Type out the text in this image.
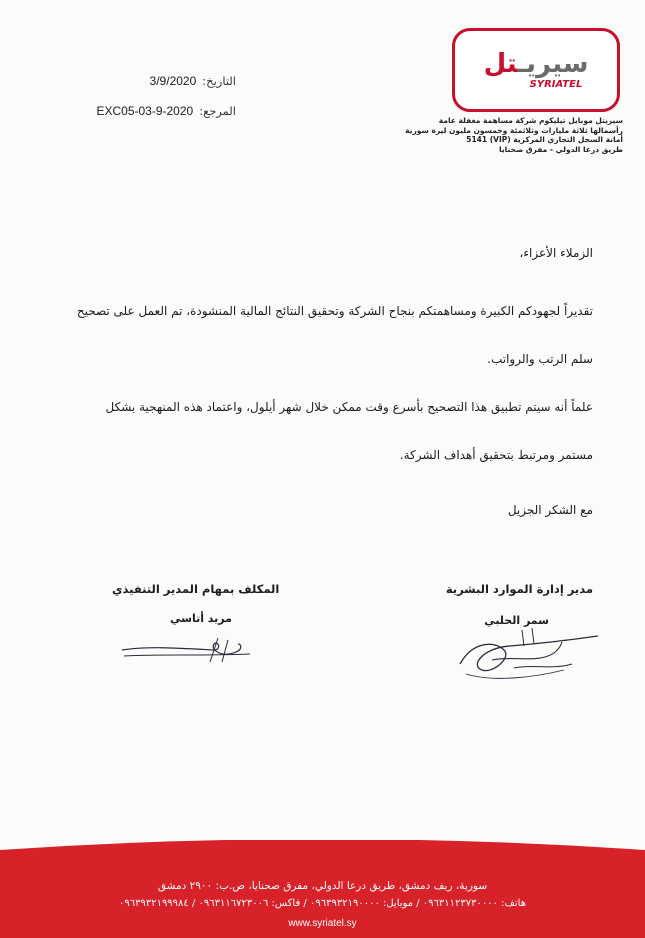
سيريـتل
SYRIATEL
سيريتل موبايل تيليكوم شركة مساهمة مغفلة عامة
رأسمالها ثلاثة مليارات وثلاثمئة وخمسون مليون ليرة سورية
أمانة السجل التجاري المركزية (VIP) 5141
طريق درعا الدولي - مفرق صحنايا
التاريخ:
3/9/2020
المرجع:
EXC05-03-9-2020
الزملاء الأعزاء،
تقديراً لجهودكم الكبيرة ومساهمتكم بنجاح الشركة وتحقيق النتائج المالية المنشودة، تم العمل على تصحيح
سلم الرتب والرواتب.
علماً أنه سيتم تطبيق هذا التصحيح بأسرع وقت ممكن خلال شهر أيلول، واعتماد هذه المنهجية بشكل
مستمر ومرتبط بتحقيق أهداف الشركة.
مع الشكر الجزيل
مدير إدارة الموارد البشرية
سمر الحلبي
المكلف بمهام المدير التنفيذي
مريد أتاسي
سورية، ريف دمشق، طريق درعا الدولي، مفرق صحنايا، ص.ب: ٢٩٠٠ دمشق
هاتف: ٠٩٦٣١١٢٣٧٣٠٠٠٠ / موبايل: ٠٩٦٣٩٣٢١٩٠٠٠٠ / فاكس: ٠٩٦٣١١٦٧٢٣٠٠٦ / ٠٩٦٣٩٣٢١٩٩٩٨٤
www.syriatel.sy
